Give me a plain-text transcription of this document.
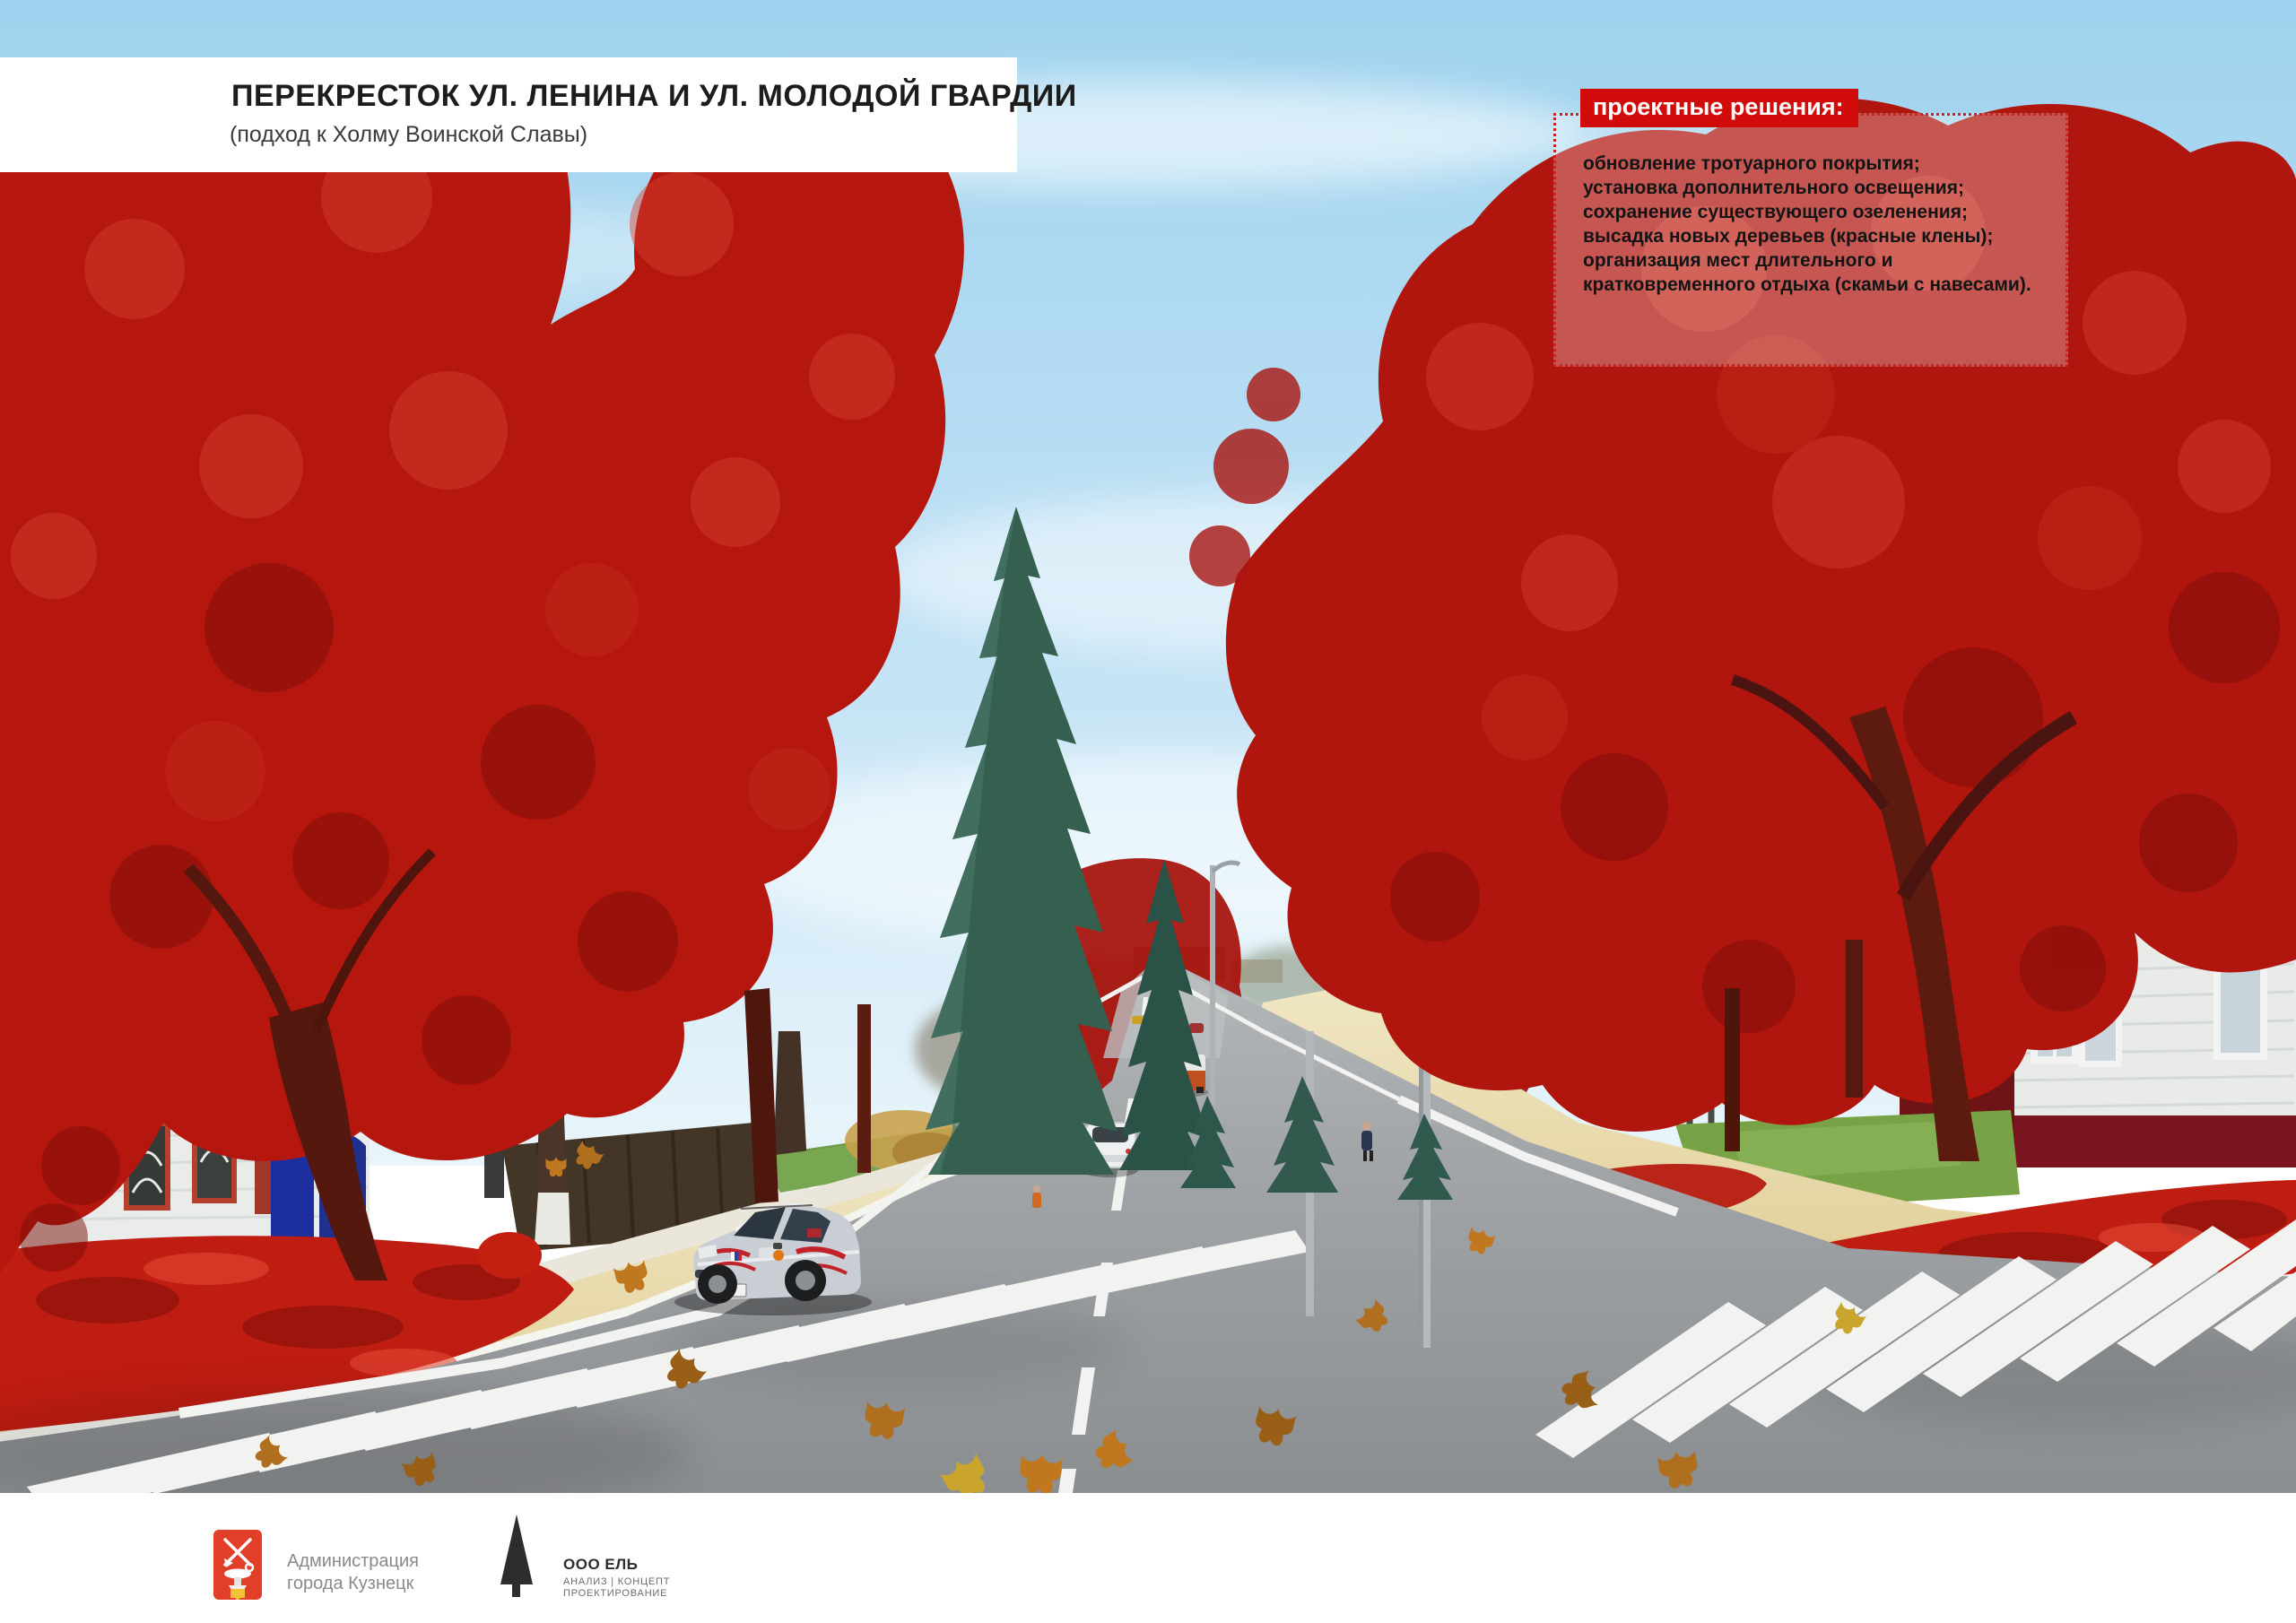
ПЕРЕКРЕСТОК УЛ. ЛЕНИНА И УЛ. МОЛОДОЙ ГВАРДИИ
(подход к Холму Воинской Славы)
обновление тротуарного покрытия;
установка дополнительного освещения;
сохранение существующего озеленения;
высадка новых деревьев (красные клены);
организация мест длительного и
кратковременного отдыха (скамьи с навесами).
проектные решения:
Администрация
города Кузнецк
ООО ЕЛЬ
АНАЛИЗ | КОНЦЕПТ
ПРОЕКТИРОВАНИЕ
